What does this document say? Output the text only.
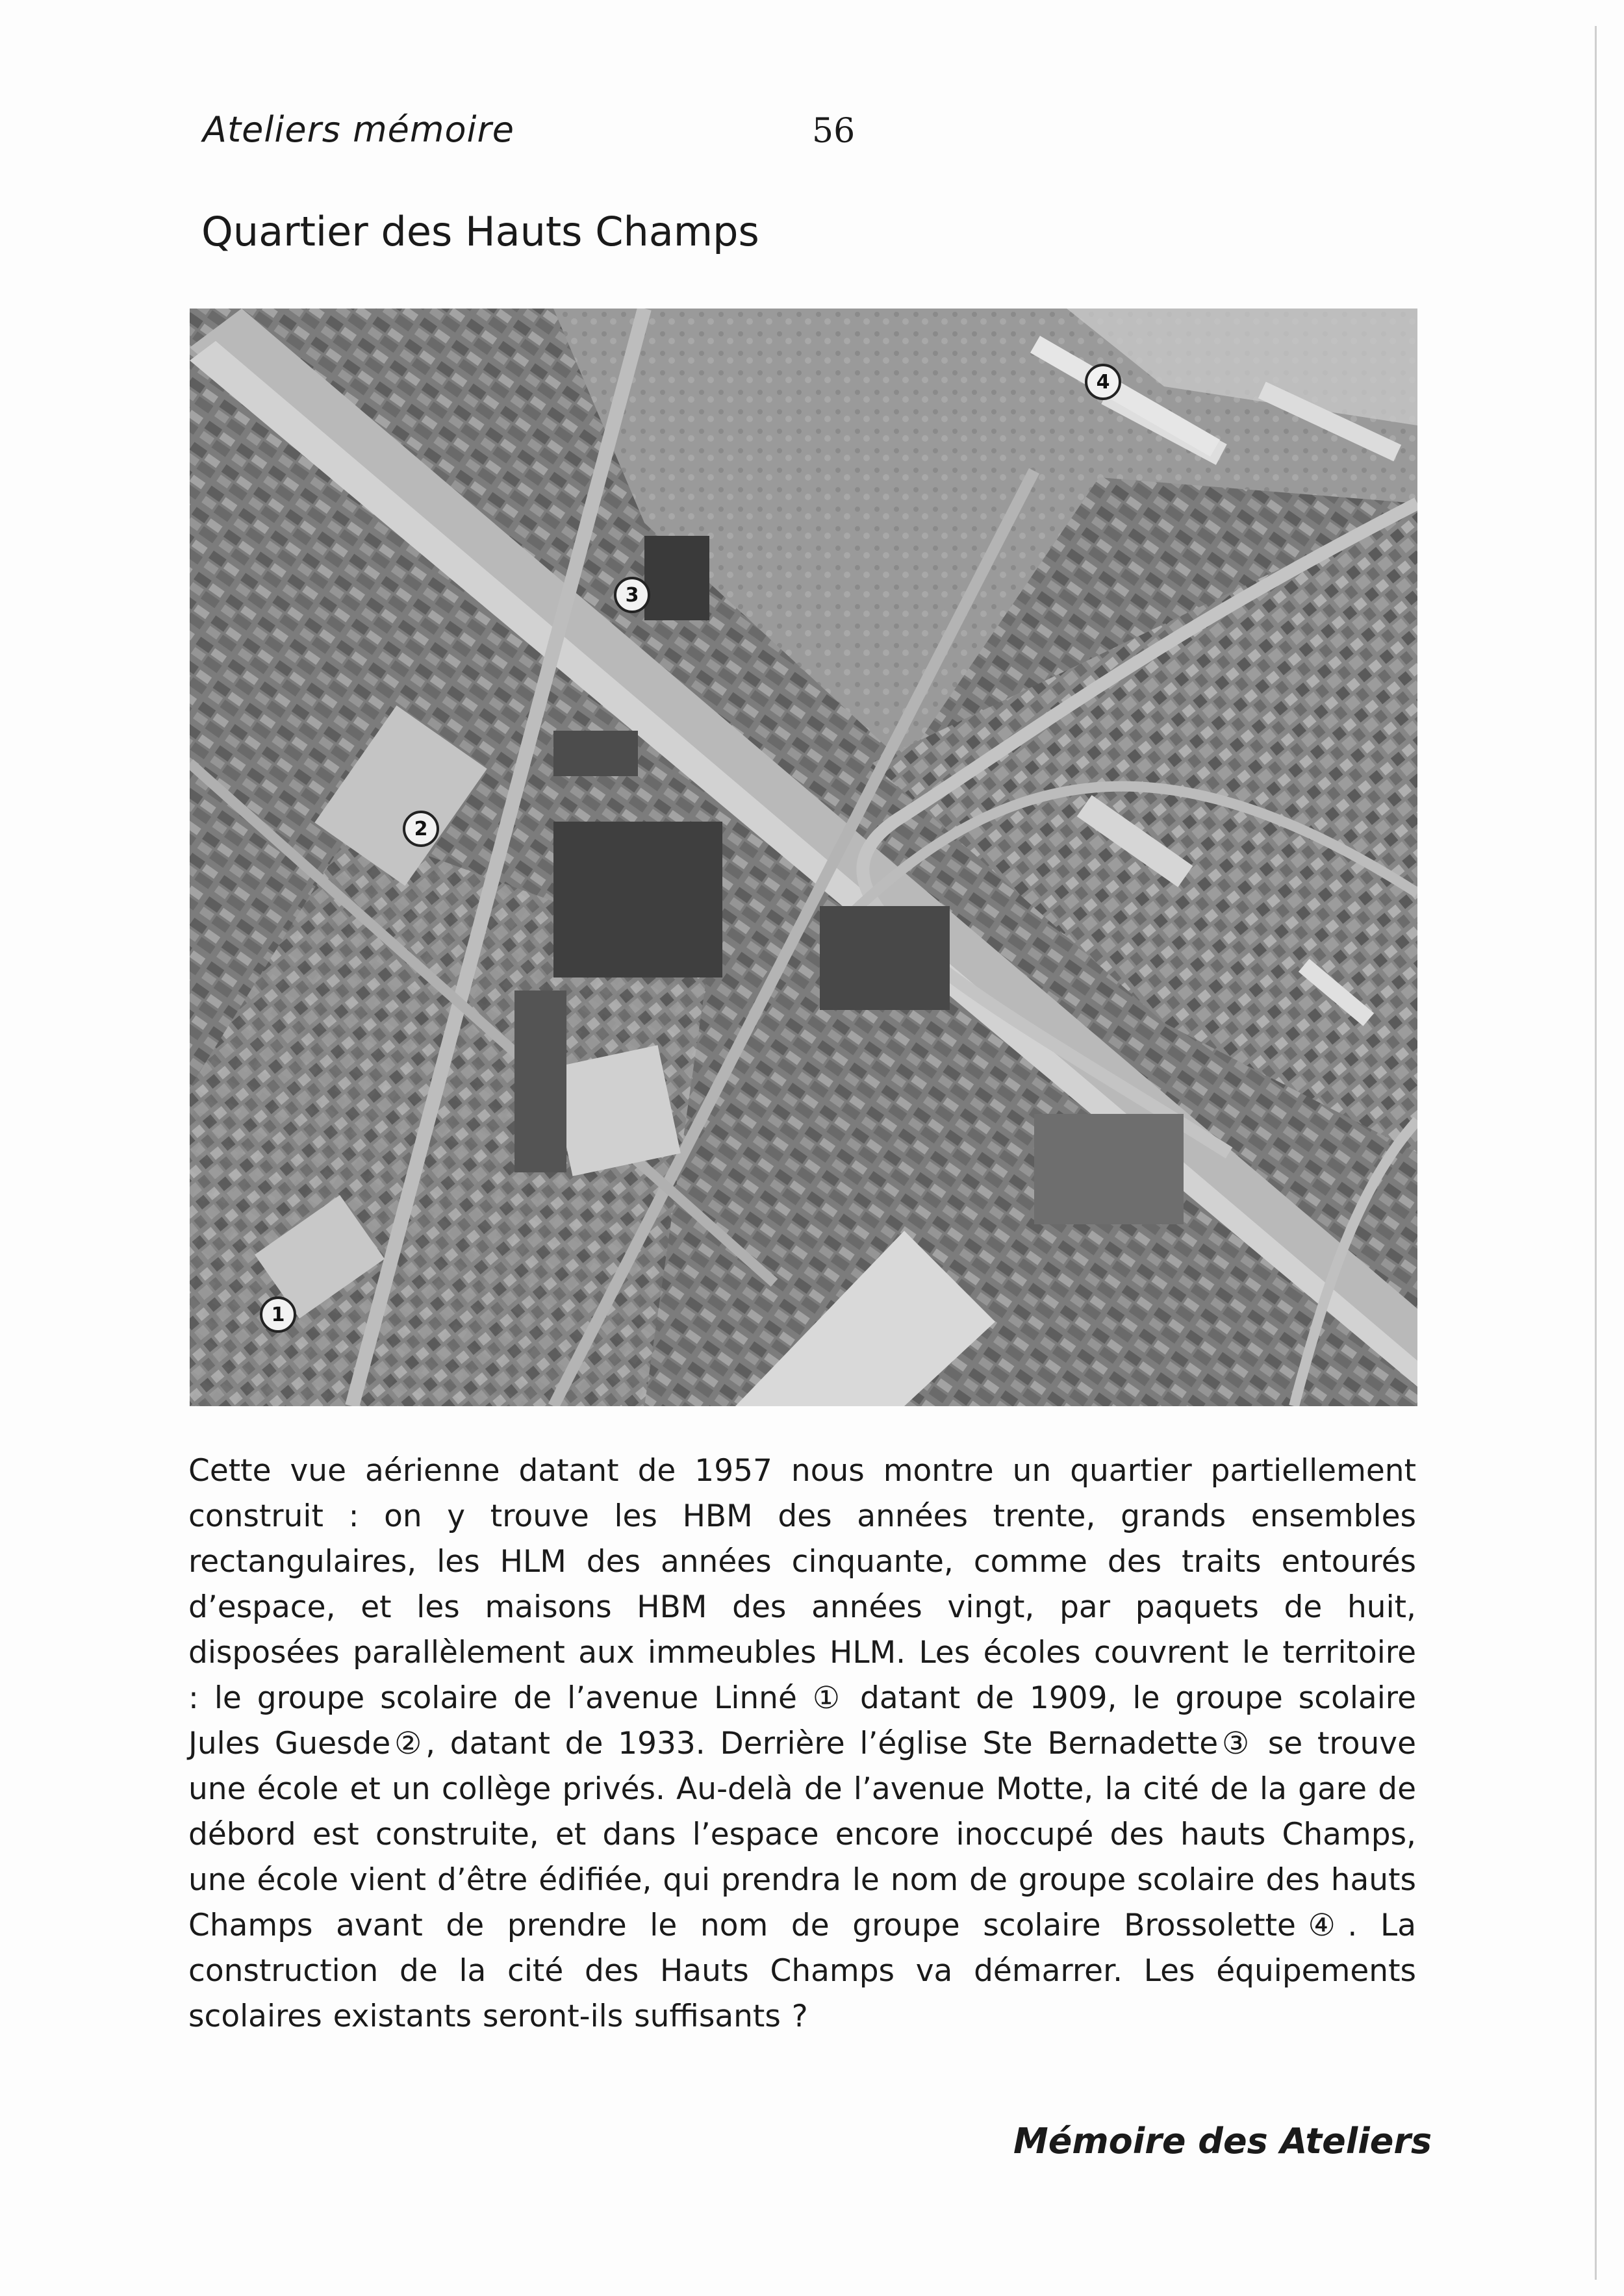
Ateliers mémoire	56
Quartier des Hauts Champs
1
2
3
4
Cette vue aérienne datant de 1957 nous montre un quartier partiellement construit : on y trouve les HBM des années trente, grands ensembles rectangulaires, les HLM des années cinquante, comme des traits entourés d’espace, et les maisons HBM des années vingt, par paquets de huit, disposées parallèlement aux immeubles HLM. Les écoles couvrent le territoire : le groupe scolaire de l’avenue Linné ① datant de 1909, le groupe scolaire Jules Guesde②, datant de 1933. Derrière l’église Ste Bernadette③ se trouve une école et un collège privés. Au-delà de l’avenue Motte, la cité de la gare de débord est construite, et dans l’espace encore inoccupé des hauts Champs, une école vient d’être édifiée, qui prendra le nom de groupe scolaire des hauts Champs avant de prendre le nom de groupe scolaire Brossolette④. La construction de la cité des Hauts Champs va démarrer. Les équipements scolaires existants seront-ils suffisants ?
Mémoire des Ateliers
